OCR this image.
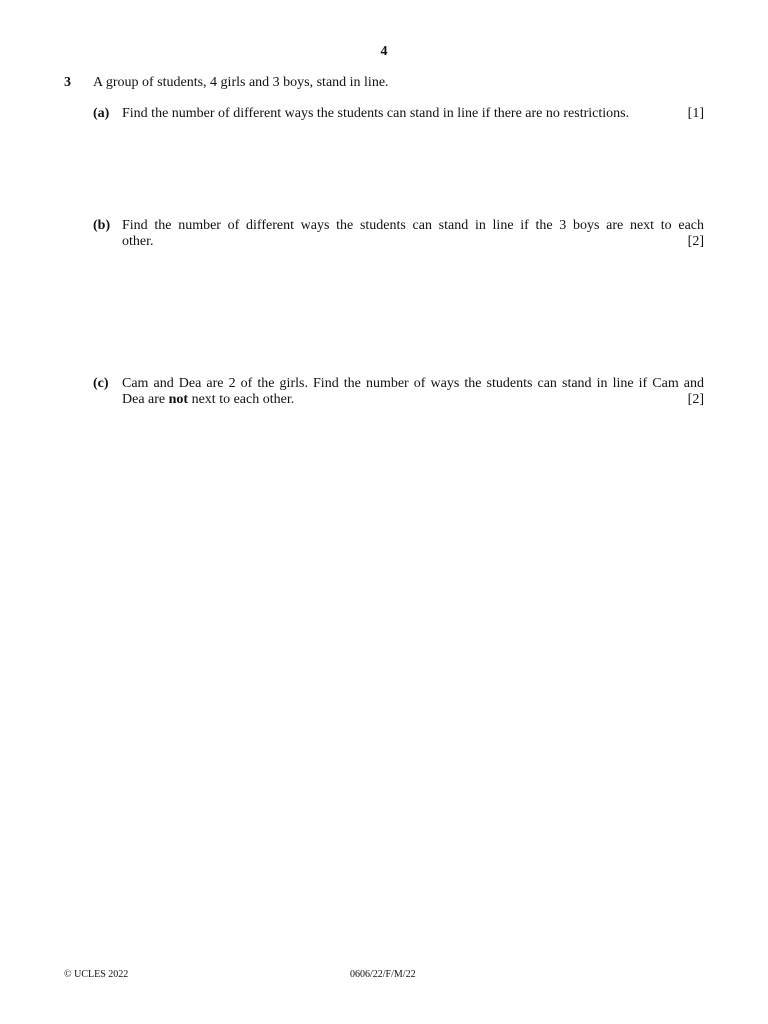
4
3 A group of students, 4 girls and 3 boys, stand in line.
(a) Find the number of different ways the students can stand in line if there are no restrictions.	[1]
(b) Find the number of different ways the students can stand in line if the 3 boys are next to each
other.	[2]
(c) Cam and Dea are 2 of the girls. Find the number of ways the students can stand in line if Cam and
Dea are not next to each other.	[2]
© UCLES 2022	0606/22/F/M/22
